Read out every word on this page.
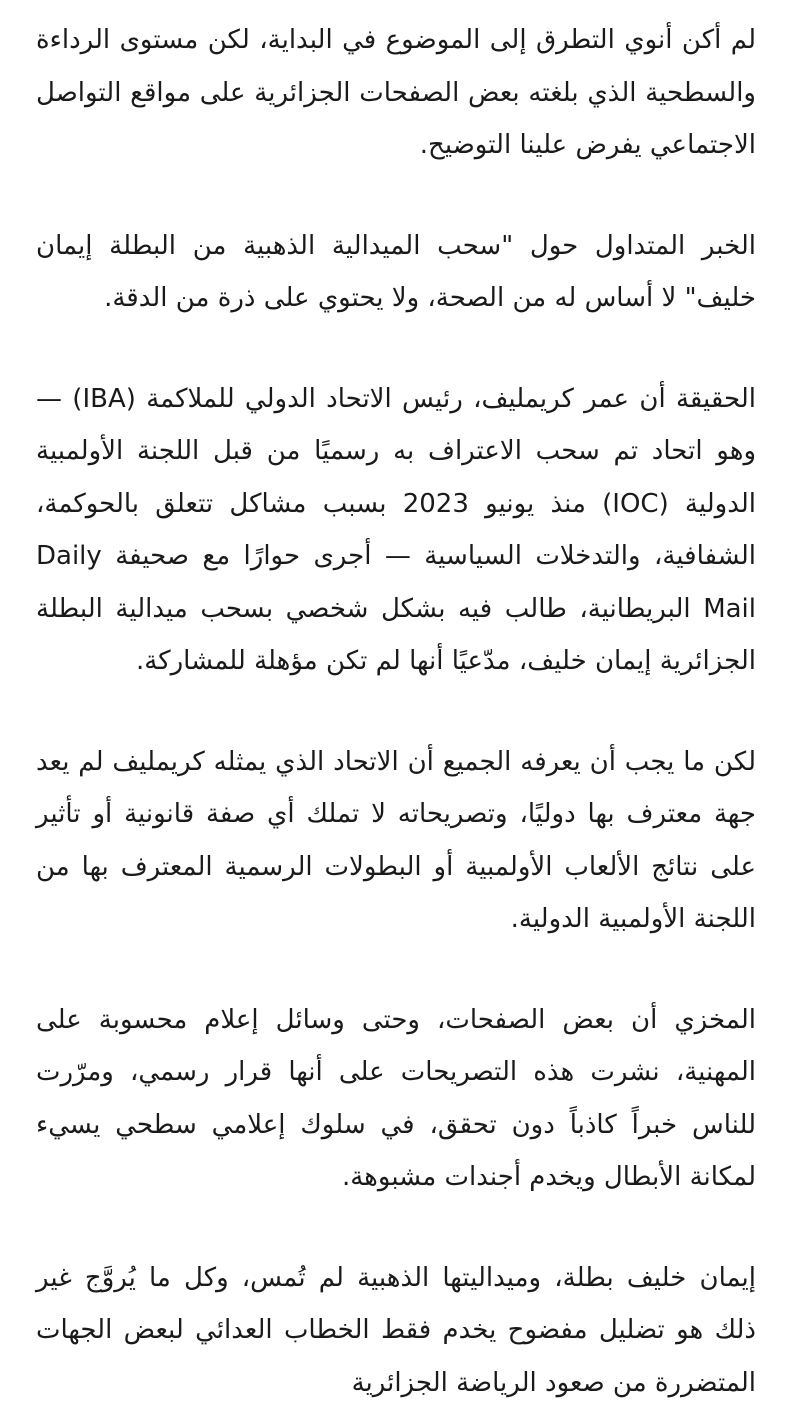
لم أكن أنوي التطرق إلى الموضوع في البداية، لكن مستوى الرداءة والسطحية الذي بلغته بعض الصفحات الجزائرية على مواقع التواصل الاجتماعي يفرض علينا التوضيح.

الخبر المتداول حول "سحب الميدالية الذهبية من البطلة إيمان خليف" لا أساس له من الصحة، ولا يحتوي على ذرة من الدقة.

الحقيقة أن عمر كريمليف، رئيس الاتحاد الدولي للملاكمة (IBA) — وهو اتحاد تم سحب الاعتراف به رسميًا من قبل اللجنة الأولمبية الدولية (IOC) منذ يونيو 2023 بسبب مشاكل تتعلق بالحوكمة، الشفافية، والتدخلات السياسية — أجرى حوارًا مع صحيفة Daily Mail البريطانية، طالب فيه بشكل شخصي بسحب ميدالية البطلة الجزائرية إيمان خليف، مدّعيًا أنها لم تكن مؤهلة للمشاركة.

لكن ما يجب أن يعرفه الجميع أن الاتحاد الذي يمثله كريمليف لم يعد جهة معترف بها دوليًا، وتصريحاته لا تملك أي صفة قانونية أو تأثير على نتائج الألعاب الأولمبية أو البطولات الرسمية المعترف بها من اللجنة الأولمبية الدولية.

المخزي أن بعض الصفحات، وحتى وسائل إعلام محسوبة على المهنية، نشرت هذه التصريحات على أنها قرار رسمي، ومرّرت للناس خبراً كاذباً دون تحقق، في سلوك إعلامي سطحي يسيء لمكانة الأبطال ويخدم أجندات مشبوهة.

إيمان خليف بطلة، وميداليتها الذهبية لم تُمس، وكل ما يُروَّج غير ذلك هو تضليل مفضوح يخدم فقط الخطاب العدائي لبعض الجهات المتضررة من صعود الرياضة الجزائرية
